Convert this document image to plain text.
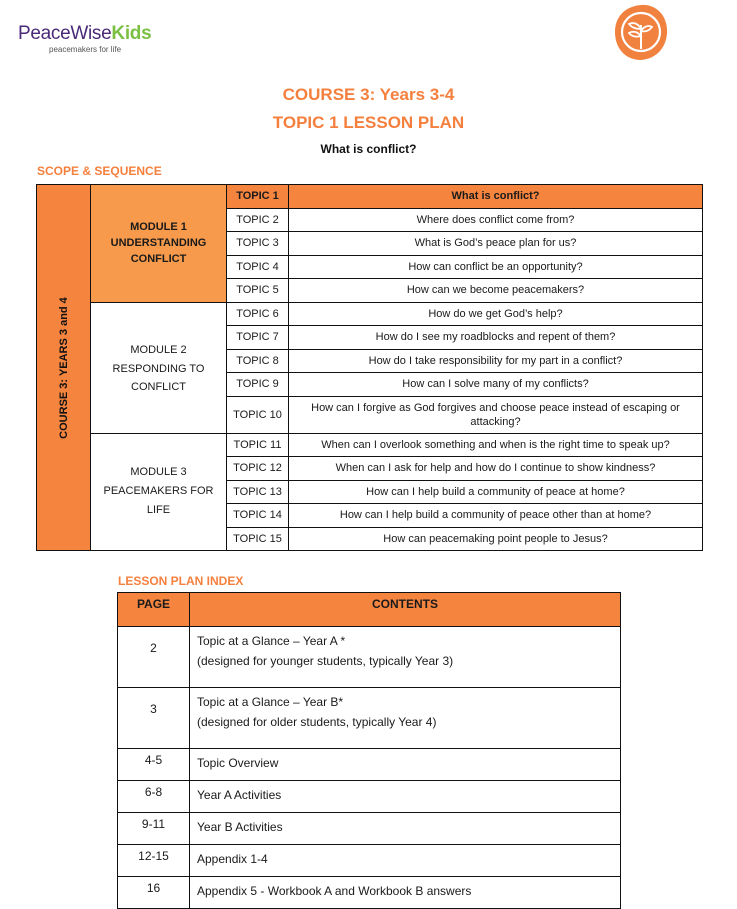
PeaceWiseKids
peacemakers for life
COURSE 3: Years 3-4
TOPIC 1 LESSON PLAN
What is conflict?
SCOPE & SEQUENCE
COURSE 3: YEARS 3 and 4	MODULE 1
UNDERSTANDING
CONFLICT	TOPIC 1	What is conflict?
		TOPIC 2	Where does conflict come from?
		TOPIC 3	What is God’s peace plan for us?
		TOPIC 4	How can conflict be an opportunity?
		TOPIC 5	How can we become peacemakers?

	MODULE 2
RESPONDING TO
CONFLICT	TOPIC 6	How do we get God’s help?
		TOPIC 7	How do I see my roadblocks and repent of them?
		TOPIC 8	How do I take responsibility for my part in a conflict?
		TOPIC 9	How can I solve many of my conflicts?
		TOPIC 10	How can I forgive as God forgives and choose peace instead of escaping or attacking?

	MODULE 3
PEACEMAKERS FOR LIFE	TOPIC 11	When can I overlook something and when is the right time to speak up?
		TOPIC 12	When can I ask for help and how do I continue to show kindness?
		TOPIC 13	How can I help build a community of peace at home?
		TOPIC 14	How can I help build a community of peace other than at home?
		TOPIC 15	How can peacemaking point people to Jesus?
LESSON PLAN INDEX
PAGE	CONTENTS
2	Topic at a Glance – Year A *
(designed for younger students, typically Year 3)

3	Topic at a Glance – Year B*
(designed for older students, typically Year 4)

4-5	Topic Overview
6-8	Year A Activities
9-11	Year B Activities
12-15	Appendix 1-4
16	Appendix 5 - Workbook A and Workbook B answers
